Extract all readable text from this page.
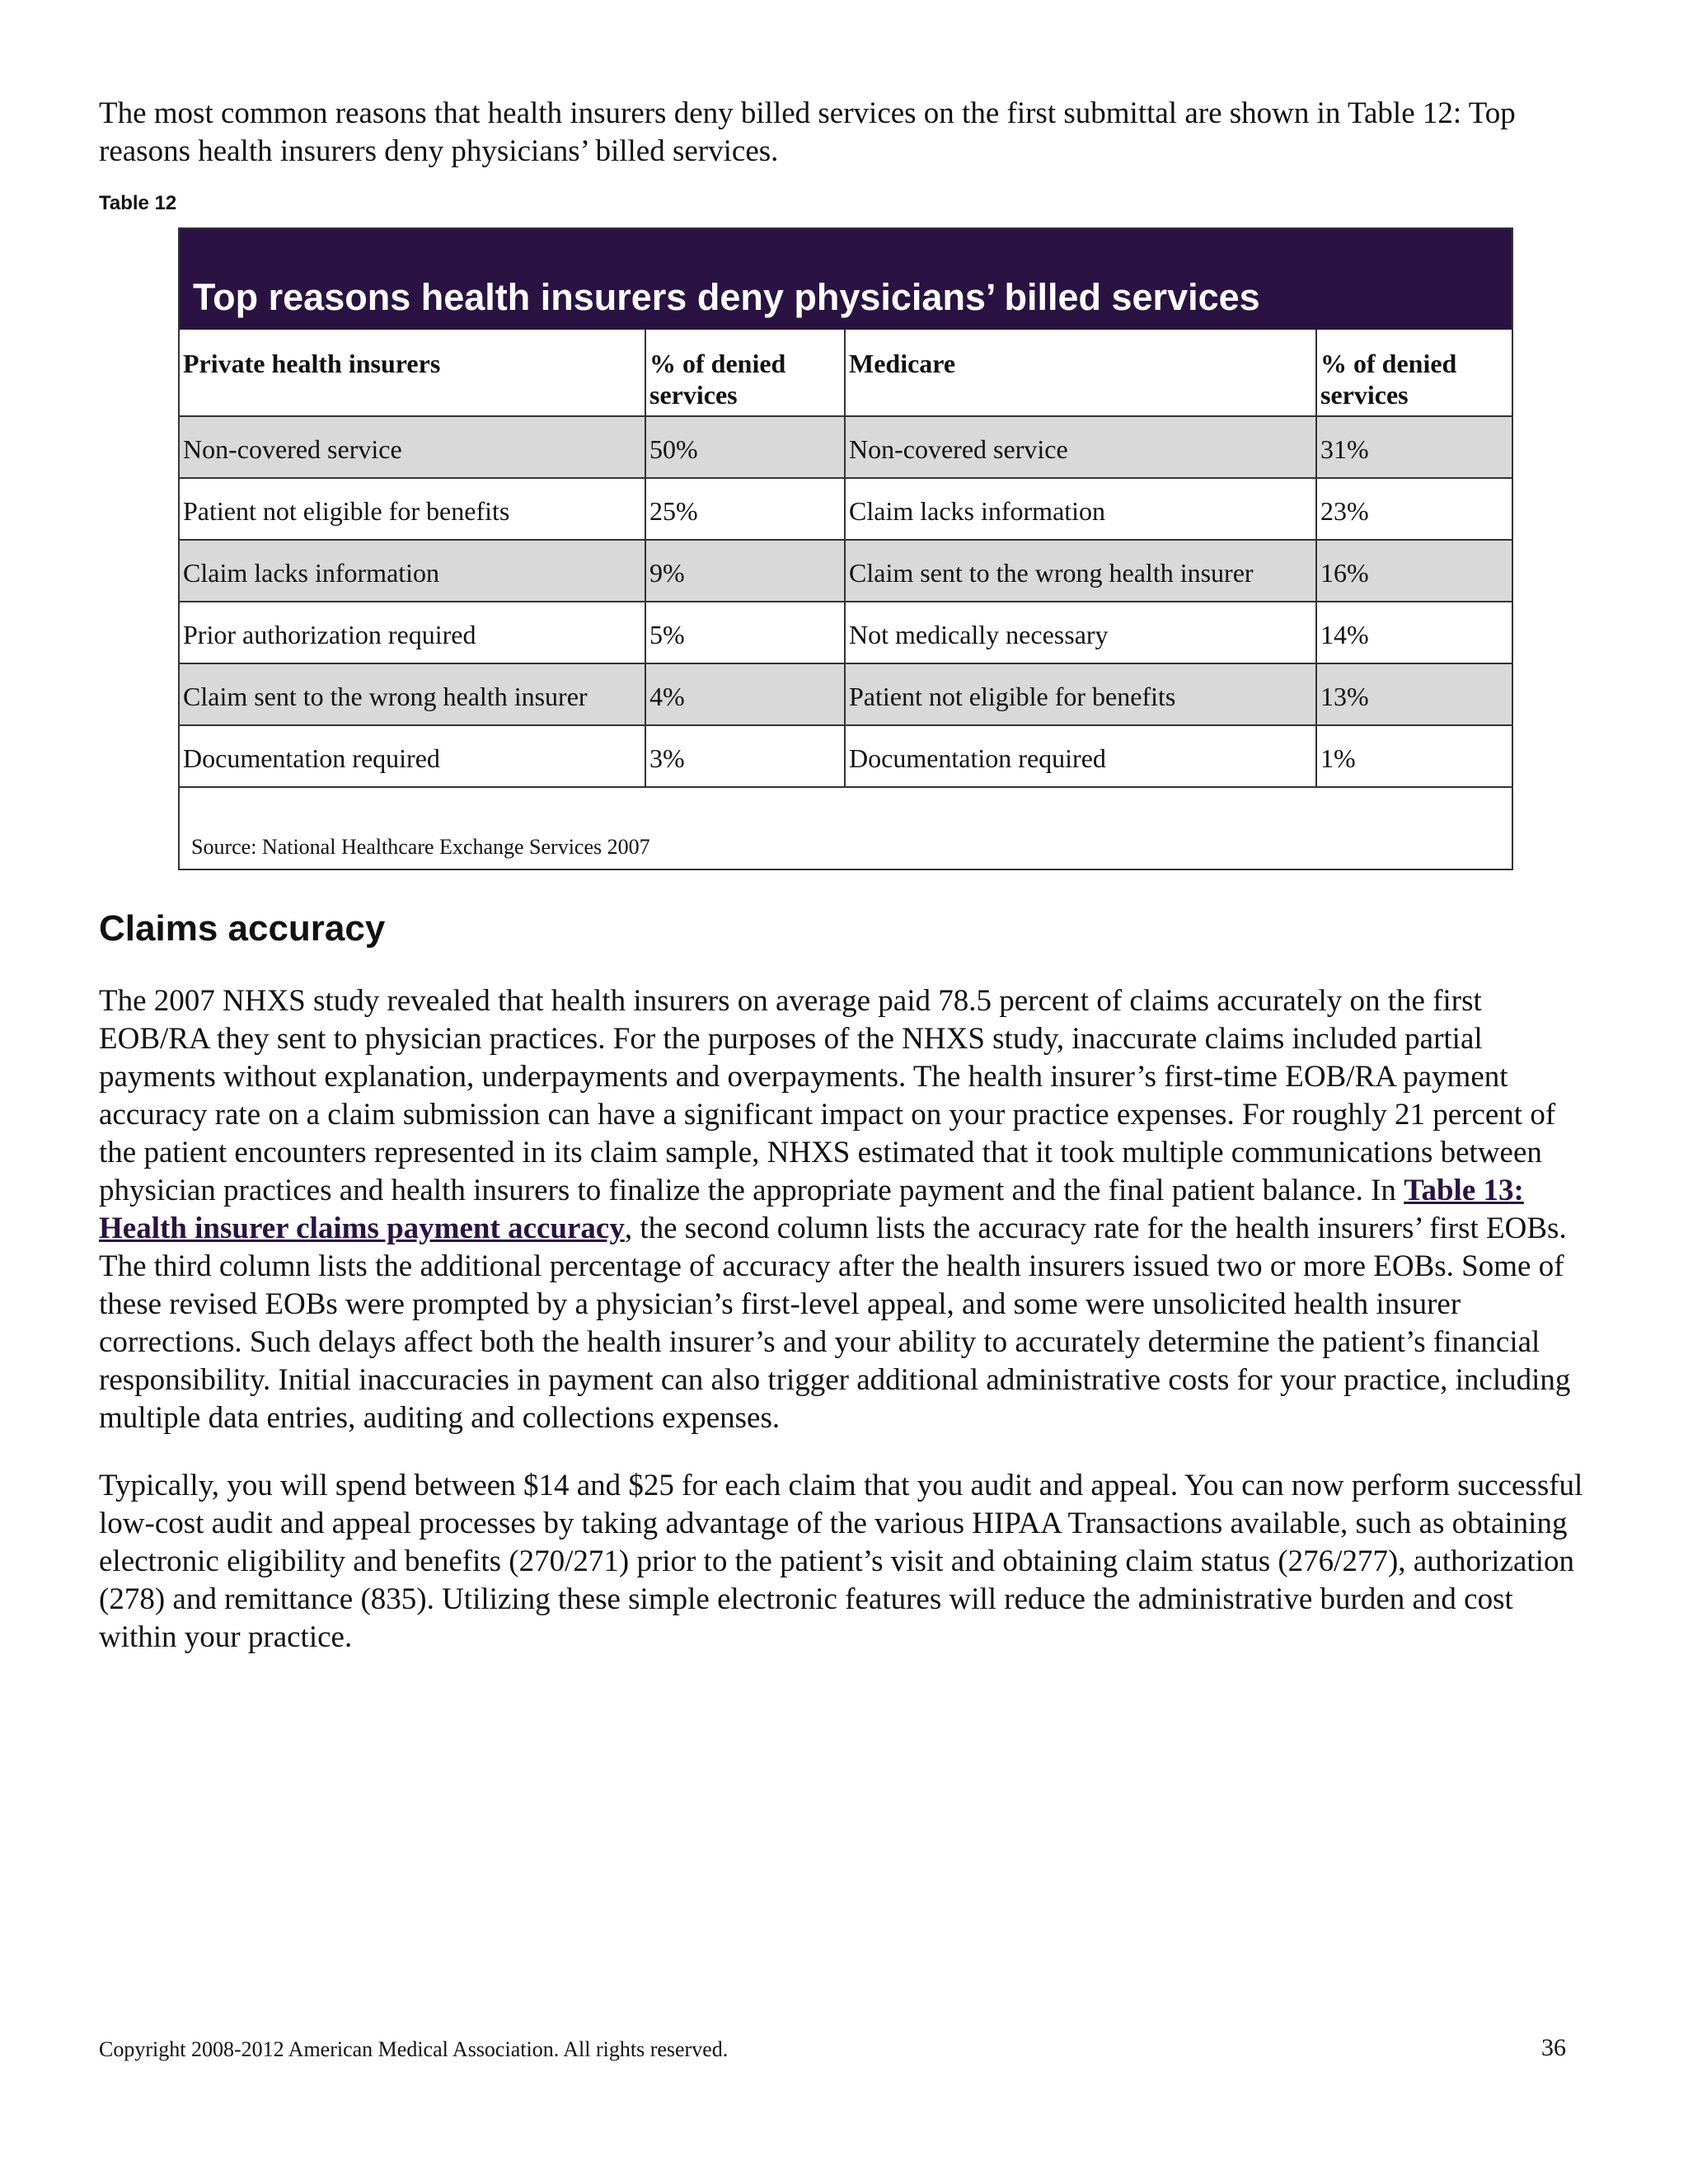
The most common reasons that health insurers deny billed services on the first submittal are shown in Table 12: Top reasons health insurers deny physicians’ billed services.

Table 12
Top reasons health insurers deny physicians’ billed services
Private health insurers	% of denied services	Medicare	% of denied services
Non-covered service	50%	Non-covered service	31%
Patient not eligible for benefits	25%	Claim lacks information	23%
Claim lacks information	9%	Claim sent to the wrong health insurer	16%
Prior authorization required	5%	Not medically necessary	14%
Claim sent to the wrong health insurer	4%	Patient not eligible for benefits	13%
Documentation required	3%	Documentation required	1%
Source: National Healthcare Exchange Services 2007
Claims accuracy

The 2007 NHXS study revealed that health insurers on average paid 78.5 percent of claims accurately on the first EOB/RA they sent to physician practices. For the purposes of the NHXS study, inaccurate claims included partial payments without explanation, underpayments and overpayments. The health insurer’s first-time EOB/RA payment accuracy rate on a claim submission can have a significant impact on your practice expenses. For roughly 21 percent of the patient encounters represented in its claim sample, NHXS estimated that it took multiple communications between physician practices and health insurers to finalize the appropriate payment and the final patient balance. In Table 13: Health insurer claims payment accuracy, the second column lists the accuracy rate for the health insurers’ first EOBs. The third column lists the additional percentage of accuracy after the health insurers issued two or more EOBs. Some of these revised EOBs were prompted by a physician’s first-level appeal, and some were unsolicited health insurer corrections. Such delays affect both the health insurer’s and your ability to accurately determine the patient’s financial responsibility. Initial inaccuracies in payment can also trigger additional administrative costs for your practice, including multiple data entries, auditing and collections expenses.

Typically, you will spend between $14 and $25 for each claim that you audit and appeal. You can now perform successful low-cost audit and appeal processes by taking advantage of the various HIPAA Transactions available, such as obtaining electronic eligibility and benefits (270/271) prior to the patient’s visit and obtaining claim status (276/277), authorization (278) and remittance (835). Utilizing these simple electronic features will reduce the administrative burden and cost within your practice.

Copyright 2008-2012 American Medical Association. All rights reserved.	36
